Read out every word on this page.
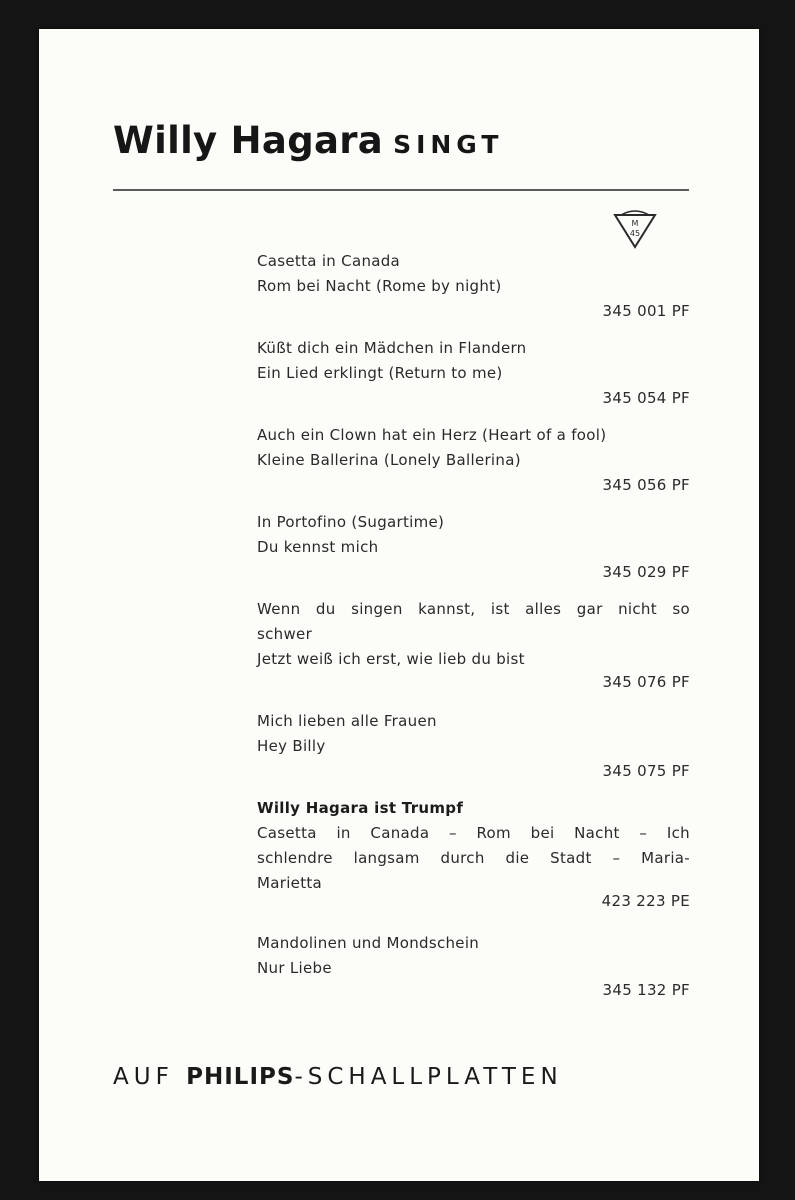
Willy Hagara SINGT
M
45
Casetta in Canada
Rom bei Nacht (Rome by night)
345 001 PF
Küßt dich ein Mädchen in Flandern
Ein Lied erklingt (Return to me)
345 054 PF
Auch ein Clown hat ein Herz (Heart of a fool)
Kleine Ballerina (Lonely Ballerina)
345 056 PF
In Portofino (Sugartime)
Du kennst mich
345 029 PF
Wenn du singen kannst, ist alles gar nicht so
schwer
Jetzt weiß ich erst, wie lieb du bist
345 076 PF
Mich lieben alle Frauen
Hey Billy
345 075 PF
Willy Hagara ist Trumpf
Casetta in Canada – Rom bei Nacht – Ich
schlendre langsam durch die Stadt – Maria-
Marietta
423 223 PE
Mandolinen und Mondschein
Nur Liebe
345 132 PF
AUF PHILIPS-SCHALLPLATTEN
